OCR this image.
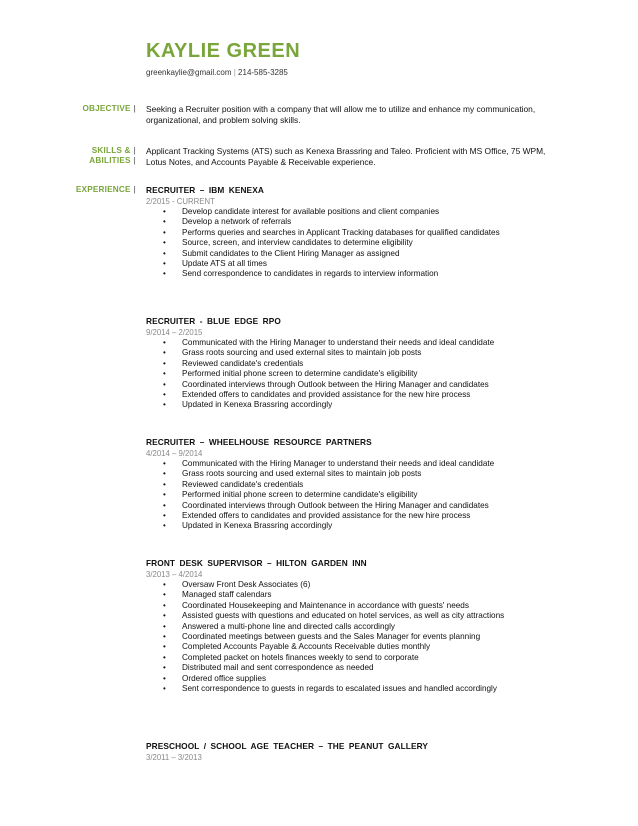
KAYLIE GREEN
greenkaylie@gmail.com | 214-585-3285
OBJECTIVE | Seeking a Recruiter position with a company that will allow me to utilize and enhance my communication, organizational, and problem solving skills.
SKILLS & |
ABILITIES |
Applicant Tracking Systems (ATS) such as Kenexa Brassring and Taleo. Proficient with MS Office, 75 WPM, Lotus Notes, and Accounts Payable & Receivable experience.
EXPERIENCE | RECRUITER – IBM KENEXA
2/2015 - CURRENT
• Develop candidate interest for available positions and client companies
• Develop a network of referrals
• Performs queries and searches in Applicant Tracking databases for qualified candidates
• Source, screen, and interview candidates to determine eligibility
• Submit candidates to the Client Hiring Manager as assigned
• Update ATS at all times
• Send correspondence to candidates in regards to interview information
RECRUITER - BLUE EDGE RPO
9/2014 – 2/2015
• Communicated with the Hiring Manager to understand their needs and ideal candidate
• Grass roots sourcing and used external sites to maintain job posts
• Reviewed candidate's credentials
• Performed initial phone screen to determine candidate's eligibility
• Coordinated interviews through Outlook between the Hiring Manager and candidates
• Extended offers to candidates and provided assistance for the new hire process
• Updated in Kenexa Brassring accordingly
RECRUITER – WHEELHOUSE RESOURCE PARTNERS
4/2014 – 9/2014
• Communicated with the Hiring Manager to understand their needs and ideal candidate
• Grass roots sourcing and used external sites to maintain job posts
• Reviewed candidate's credentials
• Performed initial phone screen to determine candidate's eligibility
• Coordinated interviews through Outlook between the Hiring Manager and candidates
• Extended offers to candidates and provided assistance for the new hire process
• Updated in Kenexa Brassring accordingly
FRONT DESK SUPERVISOR – HILTON GARDEN INN
3/2013 – 4/2014
• Oversaw Front Desk Associates (6)
• Managed staff calendars
• Coordinated Housekeeping and Maintenance in accordance with guests' needs
• Assisted guests with questions and educated on hotel services, as well as city attractions
• Answered a multi-phone line and directed calls accordingly
• Coordinated meetings between guests and the Sales Manager for events planning
• Completed Accounts Payable & Accounts Receivable duties monthly
• Completed packet on hotels finances weekly to send to corporate
• Distributed mail and sent correspondence as needed
• Ordered office supplies
• Sent correspondence to guests in regards to escalated issues and handled accordingly
PRESCHOOL / SCHOOL AGE TEACHER – THE PEANUT GALLERY
3/2011 – 3/2013
